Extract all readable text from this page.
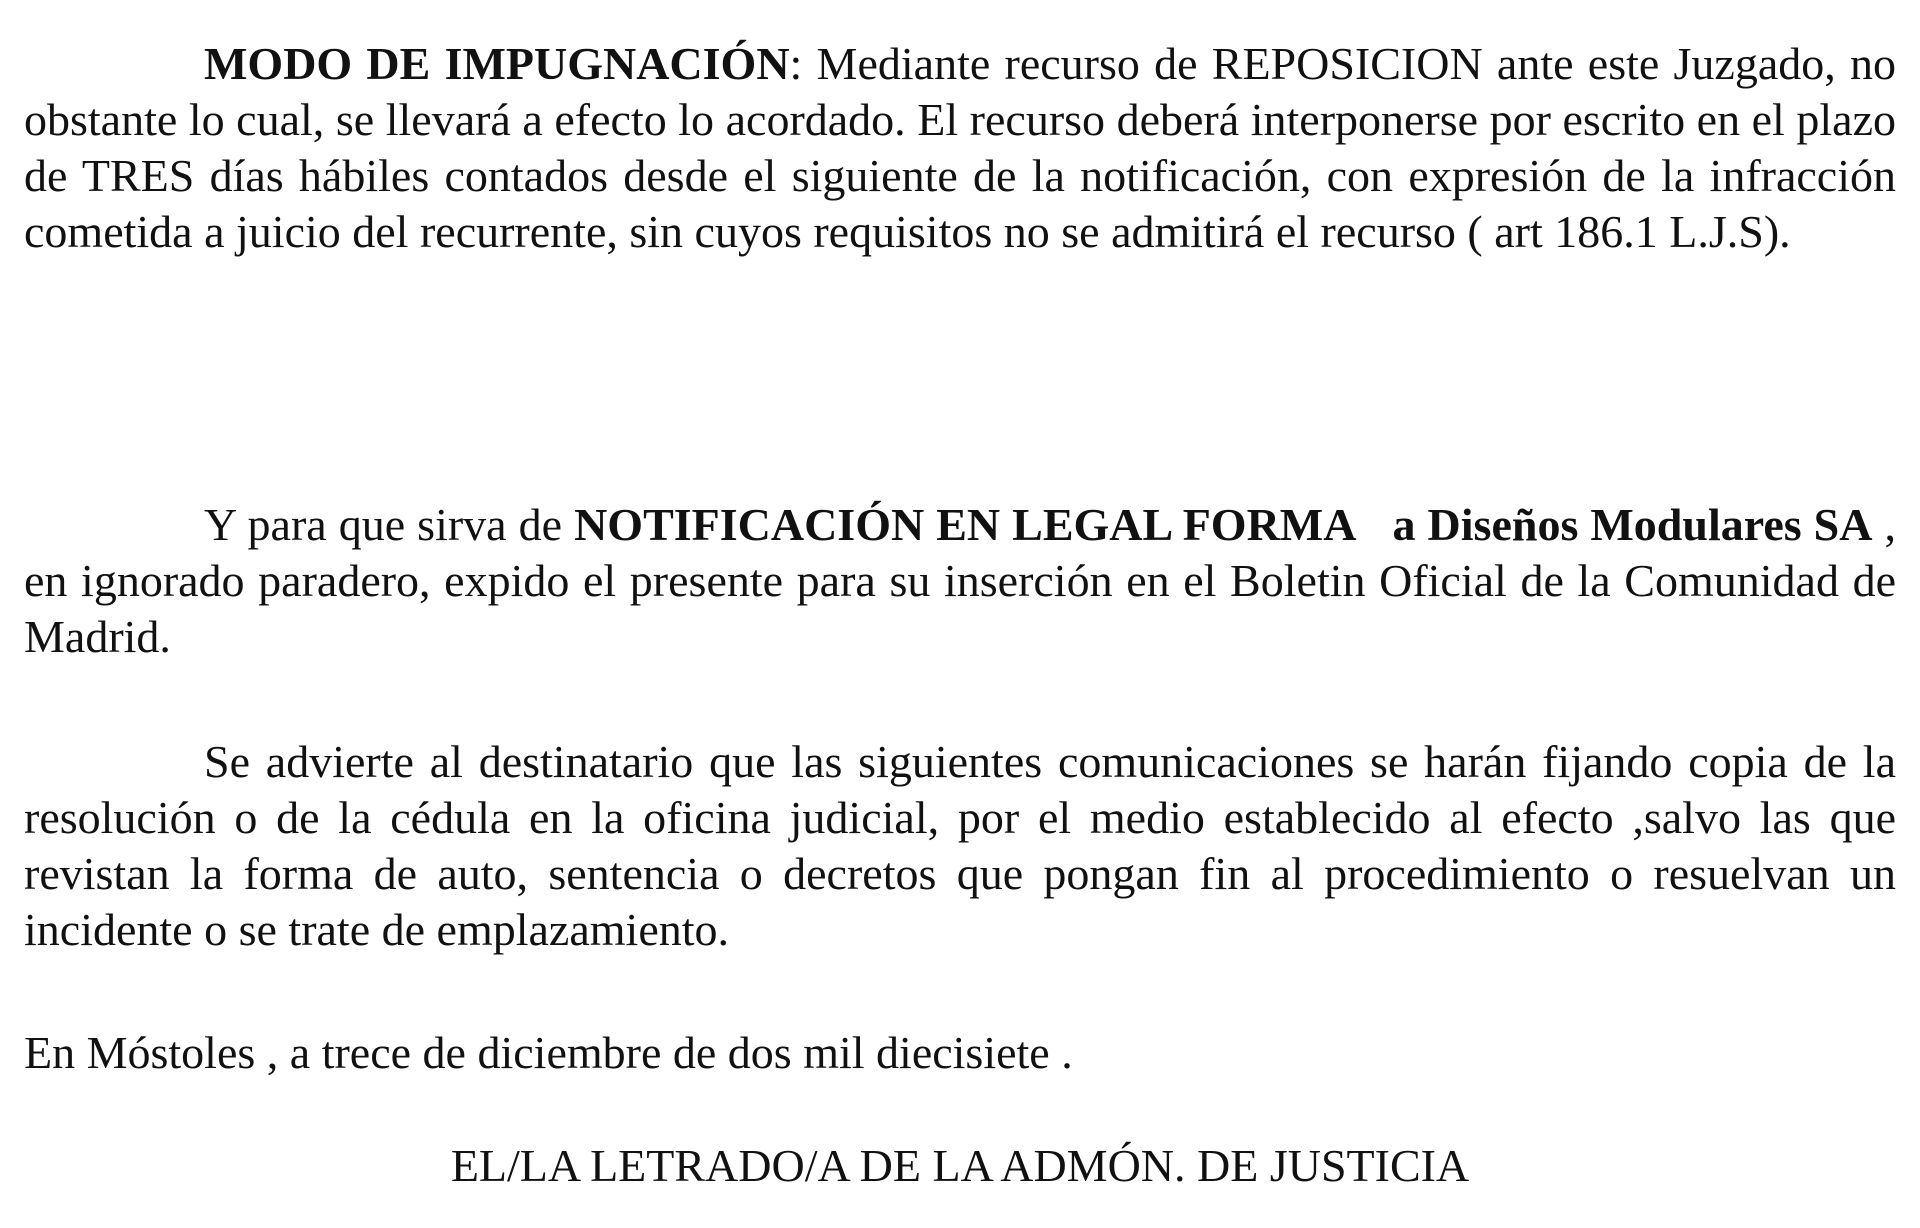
MODO DE IMPUGNACIÓN: Mediante recurso de REPOSICION ante este Juzgado, no obstante lo cual, se llevará a efecto lo acordado. El recurso deberá interponerse por escrito en el plazo de TRES días hábiles contados desde el siguiente de la notificación, con expresión de la infracción cometida a juicio del recurrente, sin cuyos requisitos no se admitirá el recurso ( art 186.1 L.J.S).

Y para que sirva de NOTIFICACIÓN EN LEGAL FORMA a Diseños Modulares SA , en ignorado paradero, expido el presente para su inserción en el Boletin Oficial de la Comunidad de Madrid.

Se advierte al destinatario que las siguientes comunicaciones se harán fijando copia de la resolución o de la cédula en la oficina judicial, por el medio establecido al efecto ,salvo las que revistan la forma de auto, sentencia o decretos que pongan fin al procedimiento o resuelvan un incidente o se trate de emplazamiento.

En Móstoles , a trece de diciembre de dos mil diecisiete .

EL/LA LETRADO/A DE LA ADMÓN. DE JUSTICIA
